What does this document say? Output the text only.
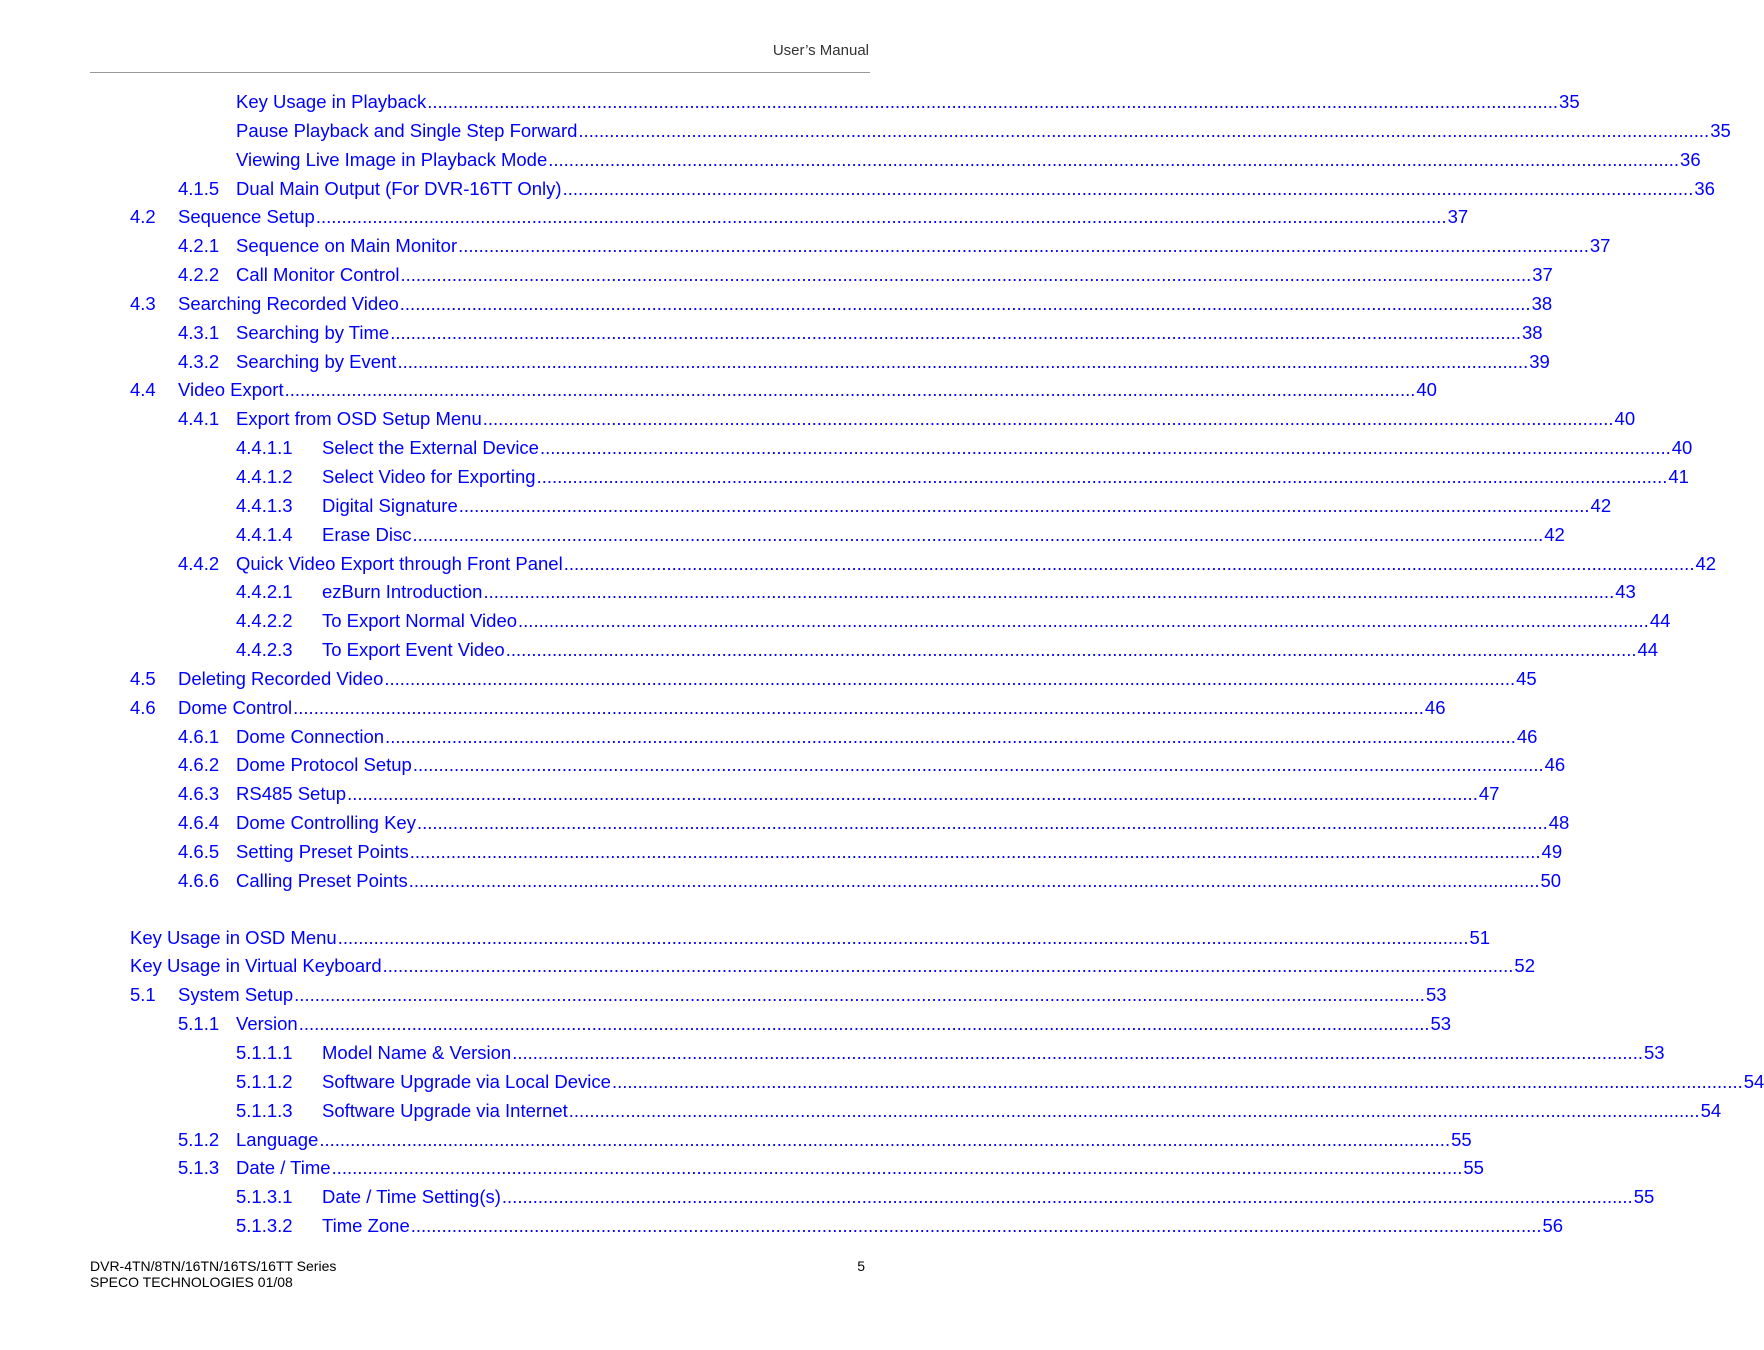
User’s Manual
Key Usage in Playback ............................................................................................................................................................................................................................ 35
Pause Playback and Single Step Forward ............................................................................................................................................................................................................................ 35
Viewing Live Image in Playback Mode ............................................................................................................................................................................................................................ 36
4.1.5 Dual Main Output (For DVR-16TT Only) ............................................................................................................................................................................................................................ 36
4.2 Sequence Setup ............................................................................................................................................................................................................................ 37
4.2.1 Sequence on Main Monitor ............................................................................................................................................................................................................................ 37
4.2.2 Call Monitor Control ............................................................................................................................................................................................................................ 37
4.3 Searching Recorded Video ............................................................................................................................................................................................................................ 38
4.3.1 Searching by Time ............................................................................................................................................................................................................................ 38
4.3.2 Searching by Event ............................................................................................................................................................................................................................ 39
4.4 Video Export ............................................................................................................................................................................................................................ 40
4.4.1 Export from OSD Setup Menu ............................................................................................................................................................................................................................ 40
4.4.1.1 Select the External Device ............................................................................................................................................................................................................................ 40
4.4.1.2 Select Video for Exporting ............................................................................................................................................................................................................................ 41
4.4.1.3 Digital Signature ............................................................................................................................................................................................................................ 42
4.4.1.4 Erase Disc ............................................................................................................................................................................................................................ 42
4.4.2 Quick Video Export through Front Panel ............................................................................................................................................................................................................................ 42
4.4.2.1 ezBurn Introduction ............................................................................................................................................................................................................................ 43
4.4.2.2 To Export Normal Video ............................................................................................................................................................................................................................ 44
4.4.2.3 To Export Event Video ............................................................................................................................................................................................................................ 44
4.5 Deleting Recorded Video ............................................................................................................................................................................................................................ 45
4.6 Dome Control ............................................................................................................................................................................................................................ 46
4.6.1 Dome Connection ............................................................................................................................................................................................................................ 46
4.6.2 Dome Protocol Setup ............................................................................................................................................................................................................................ 46
4.6.3 RS485 Setup ............................................................................................................................................................................................................................ 47
4.6.4 Dome Controlling Key ............................................................................................................................................................................................................................ 48
4.6.5 Setting Preset Points ............................................................................................................................................................................................................................ 49
4.6.6 Calling Preset Points ............................................................................................................................................................................................................................ 50
Key Usage in OSD Menu ............................................................................................................................................................................................................................ 51
Key Usage in Virtual Keyboard ............................................................................................................................................................................................................................ 52
5.1 System Setup ............................................................................................................................................................................................................................ 53
5.1.1 Version ............................................................................................................................................................................................................................ 53
5.1.1.1 Model Name & Version ............................................................................................................................................................................................................................ 53
5.1.1.2 Software Upgrade via Local Device ............................................................................................................................................................................................................................ 54
5.1.1.3 Software Upgrade via Internet ............................................................................................................................................................................................................................ 54
5.1.2 Language ............................................................................................................................................................................................................................ 55
5.1.3 Date / Time ............................................................................................................................................................................................................................ 55
5.1.3.1 Date / Time Setting(s) ............................................................................................................................................................................................................................ 55
5.1.3.2 Time Zone ............................................................................................................................................................................................................................ 56
DVR-4TN/8TN/16TN/16TS/16TT Series
SPECO TECHNOLOGIES 01/08
5
